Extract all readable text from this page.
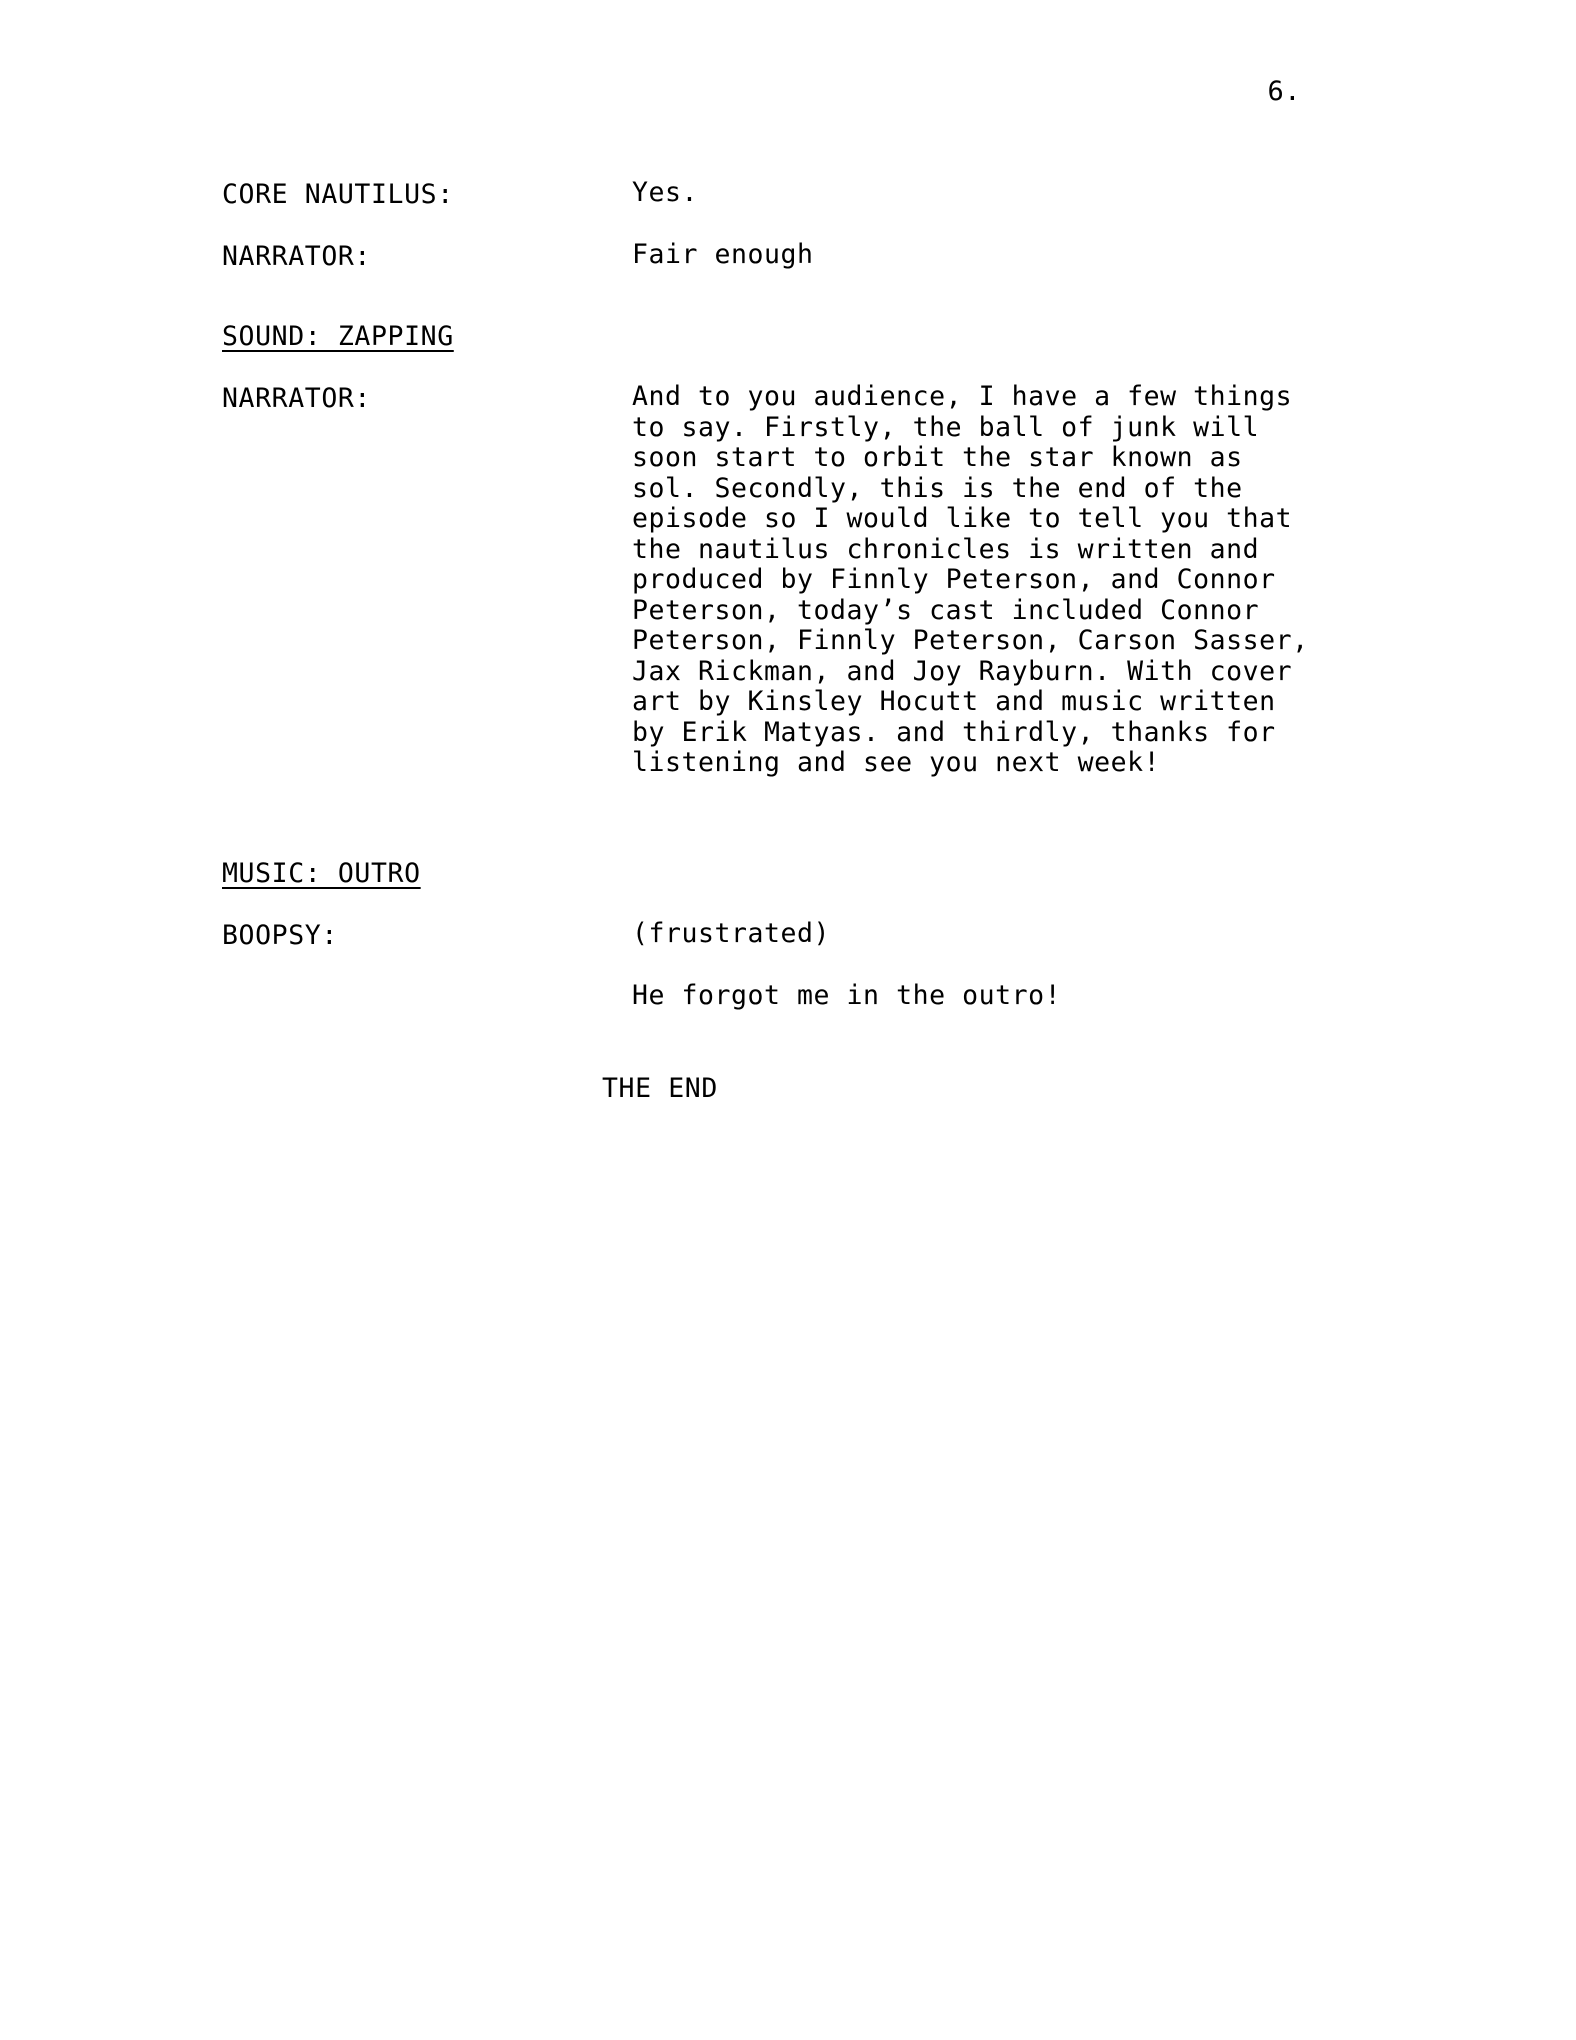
6.
CORE NAUTILUS:	Yes.
NARRATOR:	Fair enough
SOUND: ZAPPING
NARRATOR:	And to you audience, I have a few things to say. Firstly, the ball of junk will soon start to orbit the star known as sol. Secondly, this is the end of the episode so I would like to tell you that the nautilus chronicles is written and produced by Finnly Peterson, and Connor Peterson, today’s cast included Connor Peterson, Finnly Peterson, Carson Sasser, Jax Rickman, and Joy Rayburn. With cover art by Kinsley Hocutt and music written by Erik Matyas. and thirdly, thanks for listening and see you next week!
MUSIC: OUTRO
BOOPSY:	(frustrated)
He forgot me in the outro!
THE END
